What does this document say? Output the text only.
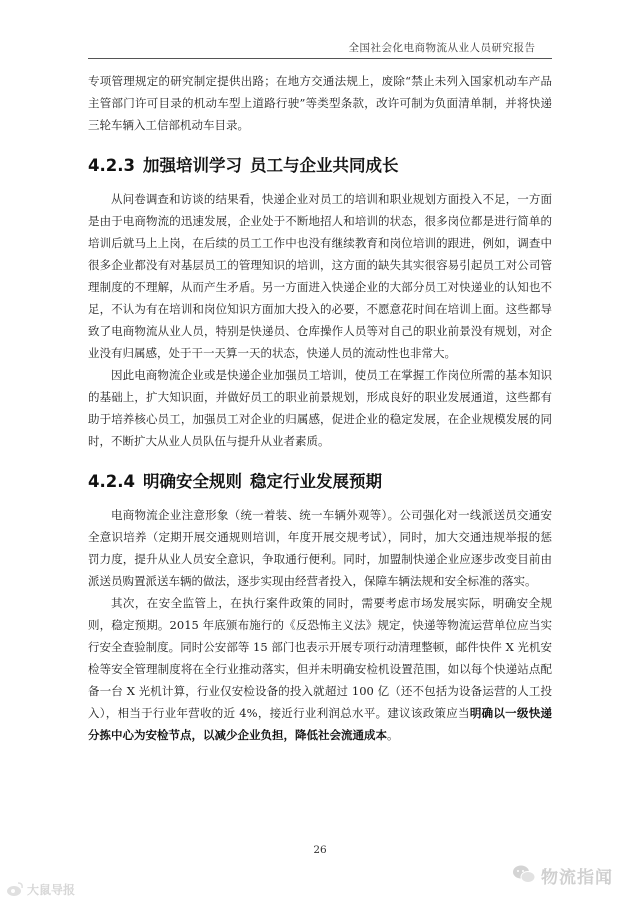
全国社会化电商物流从业人员研究报告

专项管理规定的研究制定提供出路；在地方交通法规上，废除“禁止未列入国家机动车产品主管部门许可目录的机动车型上道路行驶”等类型条款，改许可制为负面清单制，并将快递三轮车辆入工信部机动车目录。

4.2.3 加强培训学习 员工与企业共同成长

从问卷调查和访谈的结果看，快递企业对员工的培训和职业规划方面投入不足，一方面是由于电商物流的迅速发展，企业处于不断地招人和培训的状态，很多岗位都是进行简单的培训后就马上上岗，在后续的员工工作中也没有继续教育和岗位培训的跟进，例如，调查中很多企业都没有对基层员工的管理知识的培训，这方面的缺失其实很容易引起员工对公司管理制度的不理解，从而产生矛盾。另一方面进入快递企业的大部分员工对快递业的认知也不足，不认为有在培训和岗位知识方面加大投入的必要，不愿意花时间在培训上面。这些都导致了电商物流从业人员，特别是快递员、仓库操作人员等对自己的职业前景没有规划，对企业没有归属感，处于干一天算一天的状态，快递人员的流动性也非常大。

因此电商物流企业或是快递企业加强员工培训，使员工在掌握工作岗位所需的基本知识的基础上，扩大知识面，并做好员工的职业前景规划，形成良好的职业发展通道，这些都有助于培养核心员工，加强员工对企业的归属感，促进企业的稳定发展，在企业规模发展的同时，不断扩大从业人员队伍与提升从业者素质。

4.2.4 明确安全规则 稳定行业发展预期

电商物流企业注意形象（统一着装、统一车辆外观等）。公司强化对一线派送员交通安全意识培养（定期开展交通规则培训，年度开展交规考试），同时，加大交通违规举报的惩罚力度，提升从业人员安全意识，争取通行便利。同时，加盟制快递企业应逐步改变目前由派送员购置派送车辆的做法，逐步实现由经营者投入，保障车辆法规和安全标准的落实。

其次，在安全监管上，在执行案件政策的同时，需要考虑市场发展实际，明确安全规则，稳定预期。2015 年底颁布施行的《反恐怖主义法》规定，快递等物流运营单位应当实行安全查验制度。同时公安部等 15 部门也表示开展专项行动清理整顿，邮件快件 X 光机安检等安全管理制度将在全行业推动落实，但并未明确安检机设置范围，如以每个快递站点配备一台 X 光机计算，行业仅安检设备的投入就超过 100 亿（还不包括为设备运营的人工投入），相当于行业年营收的近 4%，接近行业利润总水平。建议该政策应当明确以一级快递分拣中心为安检节点，以减少企业负担，降低社会流通成本。

26
物流指闻
大鼠导报
